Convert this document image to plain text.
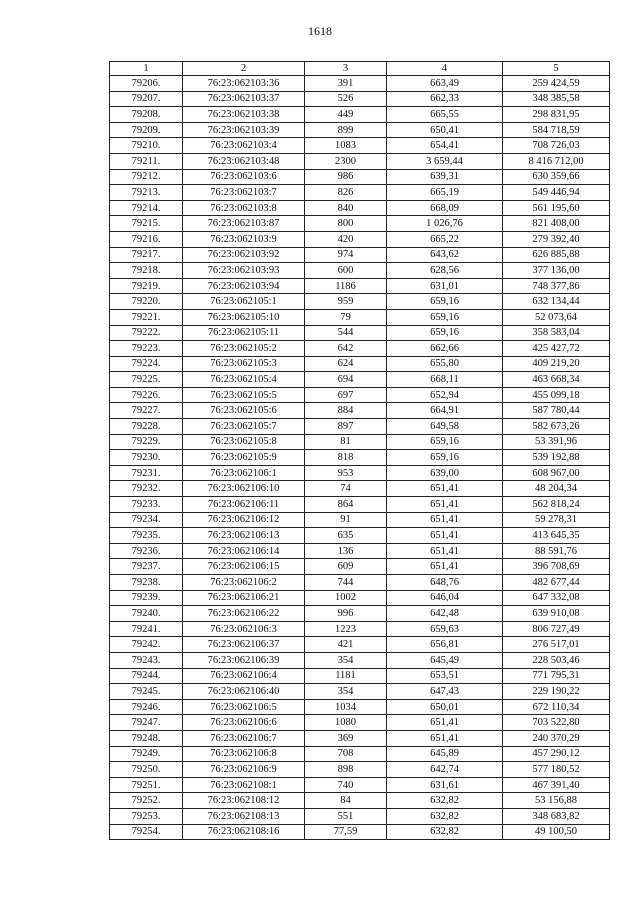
1618
1	2	3	4	5
79206.	76:23:062103:36	391	663,49	259 424,59
79207.	76:23:062103:37	526	662,33	348 385,58
79208.	76:23:062103:38	449	665,55	298 831,95
79209.	76:23:062103:39	899	650,41	584 718,59
79210.	76:23:062103:4	1083	654,41	708 726,03
79211.	76:23:062103:48	2300	3 659,44	8 416 712,00
79212.	76:23:062103:6	986	639,31	630 359,66
79213.	76:23:062103:7	826	665,19	549 446,94
79214.	76:23:062103:8	840	668,09	561 195,60
79215.	76:23:062103:87	800	1 026,76	821 408,00
79216.	76:23:062103:9	420	665,22	279 392,40
79217.	76:23:062103:92	974	643,62	626 885,88
79218.	76:23:062103:93	600	628,56	377 136,00
79219.	76:23:062103:94	1186	631,01	748 377,86
79220.	76:23:062105:1	959	659,16	632 134,44
79221.	76:23:062105:10	79	659,16	52 073,64
79222.	76:23:062105:11	544	659,16	358 583,04
79223.	76:23:062105:2	642	662,66	425 427,72
79224.	76:23:062105:3	624	655,80	409 219,20
79225.	76:23:062105:4	694	668,11	463 668,34
79226.	76:23:062105:5	697	652,94	455 099,18
79227.	76:23:062105:6	884	664,91	587 780,44
79228.	76:23:062105:7	897	649,58	582 673,26
79229.	76:23:062105:8	81	659,16	53 391,96
79230.	76:23:062105:9	818	659,16	539 192,88
79231.	76:23:062106:1	953	639,00	608 967,00
79232.	76:23:062106:10	74	651,41	48 204,34
79233.	76:23:062106:11	864	651,41	562 818,24
79234.	76:23:062106:12	91	651,41	59 278,31
79235.	76:23:062106:13	635	651,41	413 645,35
79236.	76:23:062106:14	136	651,41	88 591,76
79237.	76:23:062106:15	609	651,41	396 708,69
79238.	76:23:062106:2	744	648,76	482 677,44
79239.	76:23:062106:21	1002	646,04	647 332,08
79240.	76:23:062106:22	996	642,48	639 910,08
79241.	76:23:062106:3	1223	659,63	806 727,49
79242.	76:23:062106:37	421	656,81	276 517,01
79243.	76:23:062106:39	354	645,49	228 503,46
79244.	76:23:062106:4	1181	653,51	771 795,31
79245.	76:23:062106:40	354	647,43	229 190,22
79246.	76:23:062106:5	1034	650,01	672 110,34
79247.	76:23:062106:6	1080	651,41	703 522,80
79248.	76:23:062106:7	369	651,41	240 370,29
79249.	76:23:062106:8	708	645,89	457 290,12
79250.	76:23:062106:9	898	642,74	577 180,52
79251.	76:23:062108:1	740	631,61	467 391,40
79252.	76:23:062108:12	84	632,82	53 156,88
79253.	76:23:062108:13	551	632,82	348 683,82
79254.	76:23:062108:16	77,59	632,82	49 100,50
